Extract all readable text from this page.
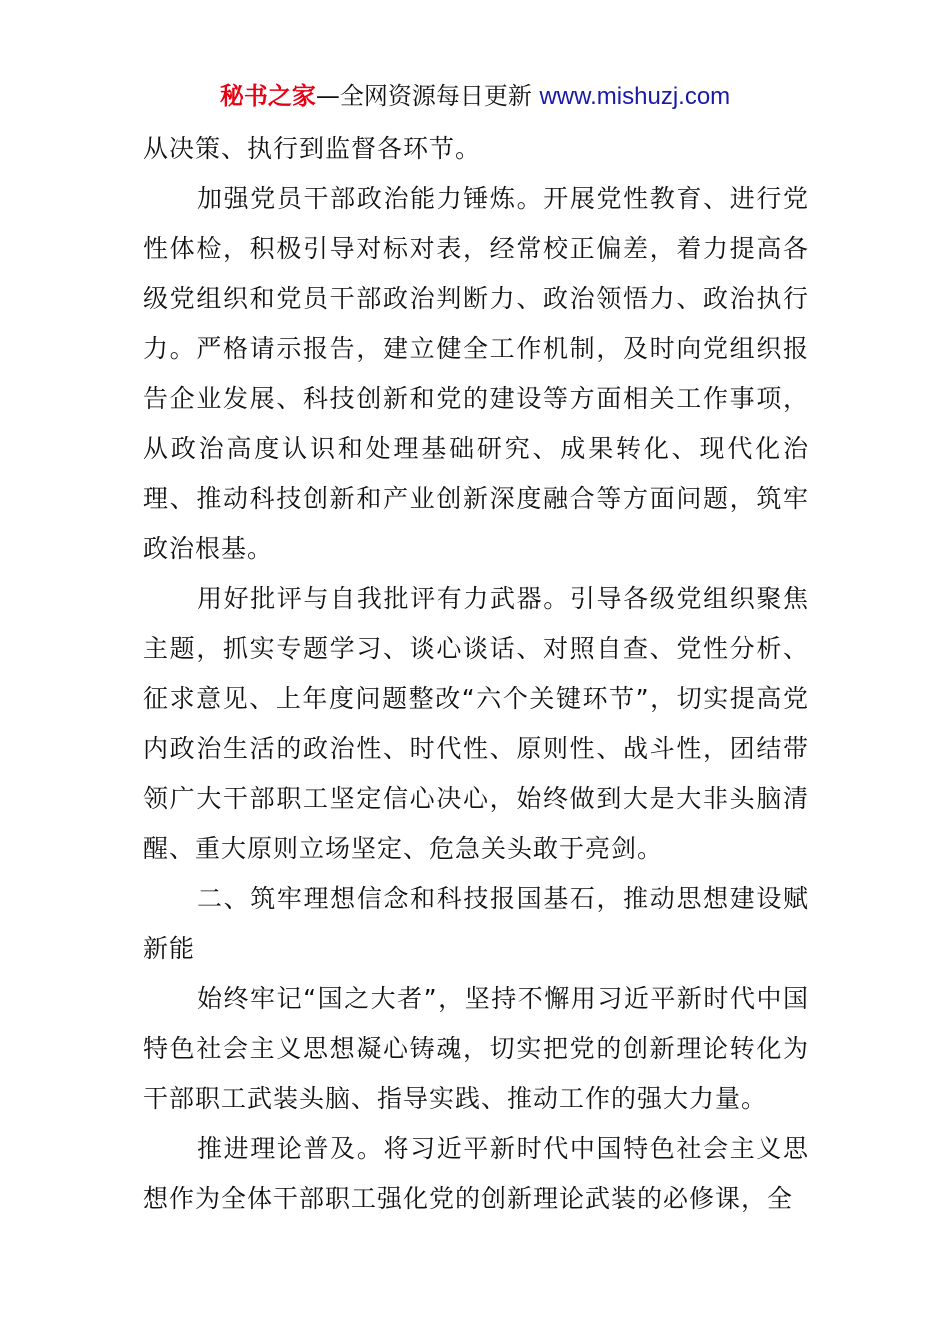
秘书之家—全网资源每日更新 www.mishuzj.com

从决策、执行到监督各环节。

加强党员干部政治能力锤炼。开展党性教育、进行党性体检，积极引导对标对表，经常校正偏差，着力提高各级党组织和党员干部政治判断力、政治领悟力、政治执行力。严格请示报告，建立健全工作机制，及时向党组织报告企业发展、科技创新和党的建设等方面相关工作事项，从政治高度认识和处理基础研究、成果转化、现代化治理、推动科技创新和产业创新深度融合等方面问题，筑牢政治根基。

用好批评与自我批评有力武器。引导各级党组织聚焦主题，抓实专题学习、谈心谈话、对照自查、党性分析、征求意见、上年度问题整改“六个关键环节”，切实提高党内政治生活的政治性、时代性、原则性、战斗性，团结带领广大干部职工坚定信心决心，始终做到大是大非头脑清醒、重大原则立场坚定、危急关头敢于亮剑。

二、筑牢理想信念和科技报国基石，推动思想建设赋新能

始终牢记“国之大者”，坚持不懈用习近平新时代中国特色社会主义思想凝心铸魂，切实把党的创新理论转化为干部职工武装头脑、指导实践、推动工作的强大力量。

推进理论普及。将习近平新时代中国特色社会主义思想作为全体干部职工强化党的创新理论武装的必修课，全
